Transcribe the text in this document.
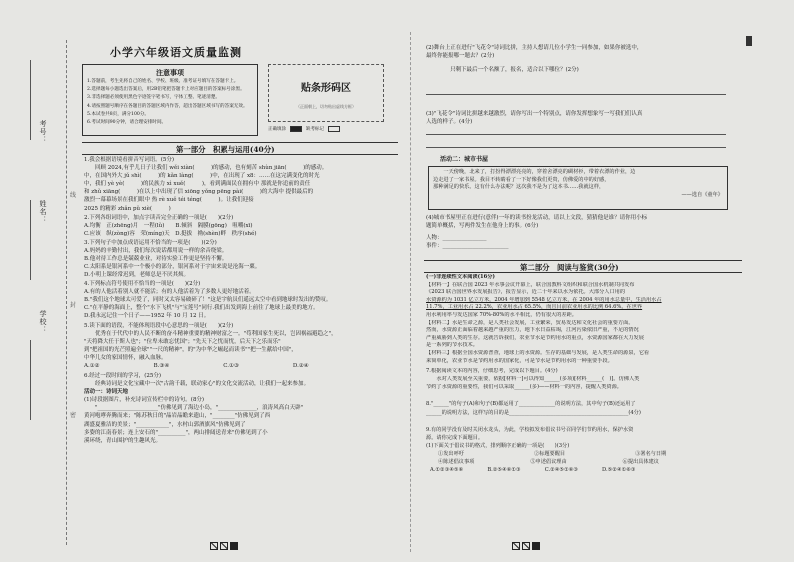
考号：
姓名：
学校：
线
封
密
小学六年级语文质量监测
注意事项
1.答题前，考生先将自己的姓名、学校、班级、准考证号填写在答题卡上。
2.选择题每小题选出答案后，用2B铅笔把答题卡上对应题目的答案标号涂黑。
3.非选择题必须使用黑色字迹签字笔书写，字体工整、笔迹清楚。
4.请按照题号顺序在各题目的答题区域内作答，超出答题区域书写的答案无效。
5.本试卷共8页，满分100分。
6.考试时间90分钟，请合理安排时间。
贴条形码区
（正面朝上，切勿贴出虚线方框）
正确填涂	缺考标记
第一部分　积累与运用(40分)
1.我会根据语境看拼音写词语。(5分)
　　回顾 2024,有乎儿日子让我们 wěi xiàn(　　　)的感动，也有刻苦 shùn jiān(　　　)的感动。
中，在国内外大 jǔ shì(　　　)的 kǎn làng(　　　)中，在出现了 x8：……在这完满变化的时光
中，我们 yè yè(　　　)的民族力 xì xuě(　　　)，看到满面民在拥有中 那就是你追前的责任
和 zhǔ xiāng(　　　)在以上中出现了信 xiōng yǒng pēng pài(　　　)的大海中 提供最后的
激烈一幕幕场景在我们眼中 热 rè xuě téi téng(　　　)。让我们迎接
2025 的精彩 zhǎn pǔ xiè(　　　)
2.下列各组词语中，加点字读音完全正确的一项是(　　)(2分)
A.均衡　正(zhēng)月　一程(lǔ)　　B.倾斜　隔膜(gōng)　咀嚼(xī)
C.应该　纵(zòng)容　荣(míng)天　D.挺拔　拗(shèn)畔　秩序(shé)
3.下列句子中加点成语运用不恰当的一项是(　　)(2分)
A.妈妈的辛勤付出，我们每次说话都用说一样的余音绕梁。
B.他对待工作总是兢兢业业，对待实验工作更是坚持不懈。
C.太阳系是银河系中一个极小的部分，银河系对于宇宙来说是沧海一粟。
D.小明上课经常迟到，老师总是不厌其烦。
4.下列标点符号使用不恰当的一项是(　　)(2分)
A.有的人他活着别人就不能活；有的人他活着为了多数人更好地活着。
B."我们这个地球太可爱了，同时又太容易破碎了！"这是宇航员们遥远太空中看到地球时发出的赞叹。
C."在平静的海面上，整个"水下飞机"与"宝莲号"同行.我们出发到海上前往了地球上最美的地方。
D.我永远记住一个日子——1952 年 10 月 12 日。
5.读下面的语段，不能体现语段中心意思的一项是(　　)(2分)
　　优秀在于代代中的人民不断的奋斗精神重要的精神财富之一。"苟利国家生死以，岂因祸福避趋之"，
"天将降大任于斯人也"；"位卑未敢忘忧国"；"先天下之忧而忧，后天下之乐而乐"
到"把祖国的光芒照遍全球""一尺的精神"，的"为中华之崛起而读书""把一生献给中国"，
中华儿女的家国情怀，融入血脉。
A.①②	B.③④	C.①③	D.②④
6.经过一段时间的学习，(25分)
　　经典诗词是文化宝藏中一次"古韵千载，联动家心"的文化交流活动，让我们一起来参加。
活动一：诗词天地
(1)诗段据图片，补充诗词宣传栏中的诗句。(8分)
　　"______________________"仿佛见到了海边小岛，"______________，浪涛风高白天辟"
黄河咆哮奔腾而来；"陈苏秋日的"晶岩晶瞻来遗山，"________"仿佛见到了西
湖盛夏雅洁的美景；"____________"，水村山郭酒旗风"仿佛见到了
多姿的江南春景；连上安石的"__________"，两山排闼送青来"仿佛见到了小
溪环绕，青山围护的生趣风光。
(2)舞台上正在进行"飞花令"诗词比拼，主持人想请几位小学生一同参加，如果你被选中，
最终你能报哪一题去？(2分)
只剩下最后一个名额了，报名，适合以下哪位？(2分)
(3)"飞花令"诗词比拼越来越激烈，请你写出一个特别点，请你发挥想象写一写我们们认真
人选的样子。(4分)
活动二：城市书屋
　　一天傍晚，北来了，打扮得漂漂亮亮的，穿着舍漂亮的碉材衫，带着衣漂的作业，边
边走进了一家书屋。我目不转睛看了一下好像我们更贵，仿佛爱的中的好感，
那种满足的快乐。这有什么办法呢？这次我不是为了这本书……我就这样，
——选自《童年》
(4)城市书屋里正在进行(意伴)一年的读书扮龙活动，请以上文段，猜猜他是谁？请你用小标
题简单概括，写两件发生在他身上的事。(6分)
人物：________________
事件：________________________
第二部分　阅读与鉴赏(30分)
(一)非连续性文本阅读(16分)
【材料一】在联合国 2023 年水事会议开幕上，联合国教科文组织和联合国水机制共同发布
《2023 联合国世界水发展报告》，报告显示，近二十年来以水为依托。大部分人口用的
水资源约为 1031 亿立方米，2004 年增加到 5548 亿立方米，在 2004 年的用水总量中，生活用水占
11.7%，工业用水占 22.2%，农业用水占 65.5%，而且目前农业用水的比例 64.6%。在世界
用水利用率与发达国家 70%-80%的水平相比，仍有很大的差距。
【材料二】水是生命之源，是人类社会发展，工业繁荣，贸易发达和文化社会的重要方面。
然而，水资源正面临着越来越严重的压力，地下水日益枯竭，江河污染依旧严重，不足的情况
严重威胁到人类的生存。这就告诉我们，农业节水是节约用水的重点，水资源国家都在大力发展
是一系列的节水技术。
【材料三】根据全国水资源普查，地球上的水资源。生存的基础与发展，是人类生命的源泉，它看
来简单化，农业节水是节约用水的国家化，可是节水是节约用水的一种重要手段。
7.根据阅读文本的内容，仔细思考，完成以下题目。(4分)
　　水对人类发展至关重要，依据[材料一]可以得知______(多项)[材料______(　)]。仿佛人类
节约了水资源的重要性，我们可以采取______(多)——材料一的内容，提醒人类资源。
8."______"的句子(A)和句子(B)都运用了______________的说明方法，其中句子(B)还运用了
______的说明方法，这样写的目的是______________________________________________(4分)
9.有的同学没有及时关闭水龙头，为此，学校拟发布倡议书号召同学们节约用水，保护水资
源。请你完成下面题目。
(1)下面关于倡议书的格式，排列顺序正确的一项是(　　)(3分)
①发出呼吁	②标题要醒目	③署名与日期
④陈述倡议事项	⑤申述倡议理由	⑥提出具体建议
A.①②③④⑤⑥	B.②⑤④⑥①③	C.②④⑤①⑥③	D.⑤②④①⑥③
